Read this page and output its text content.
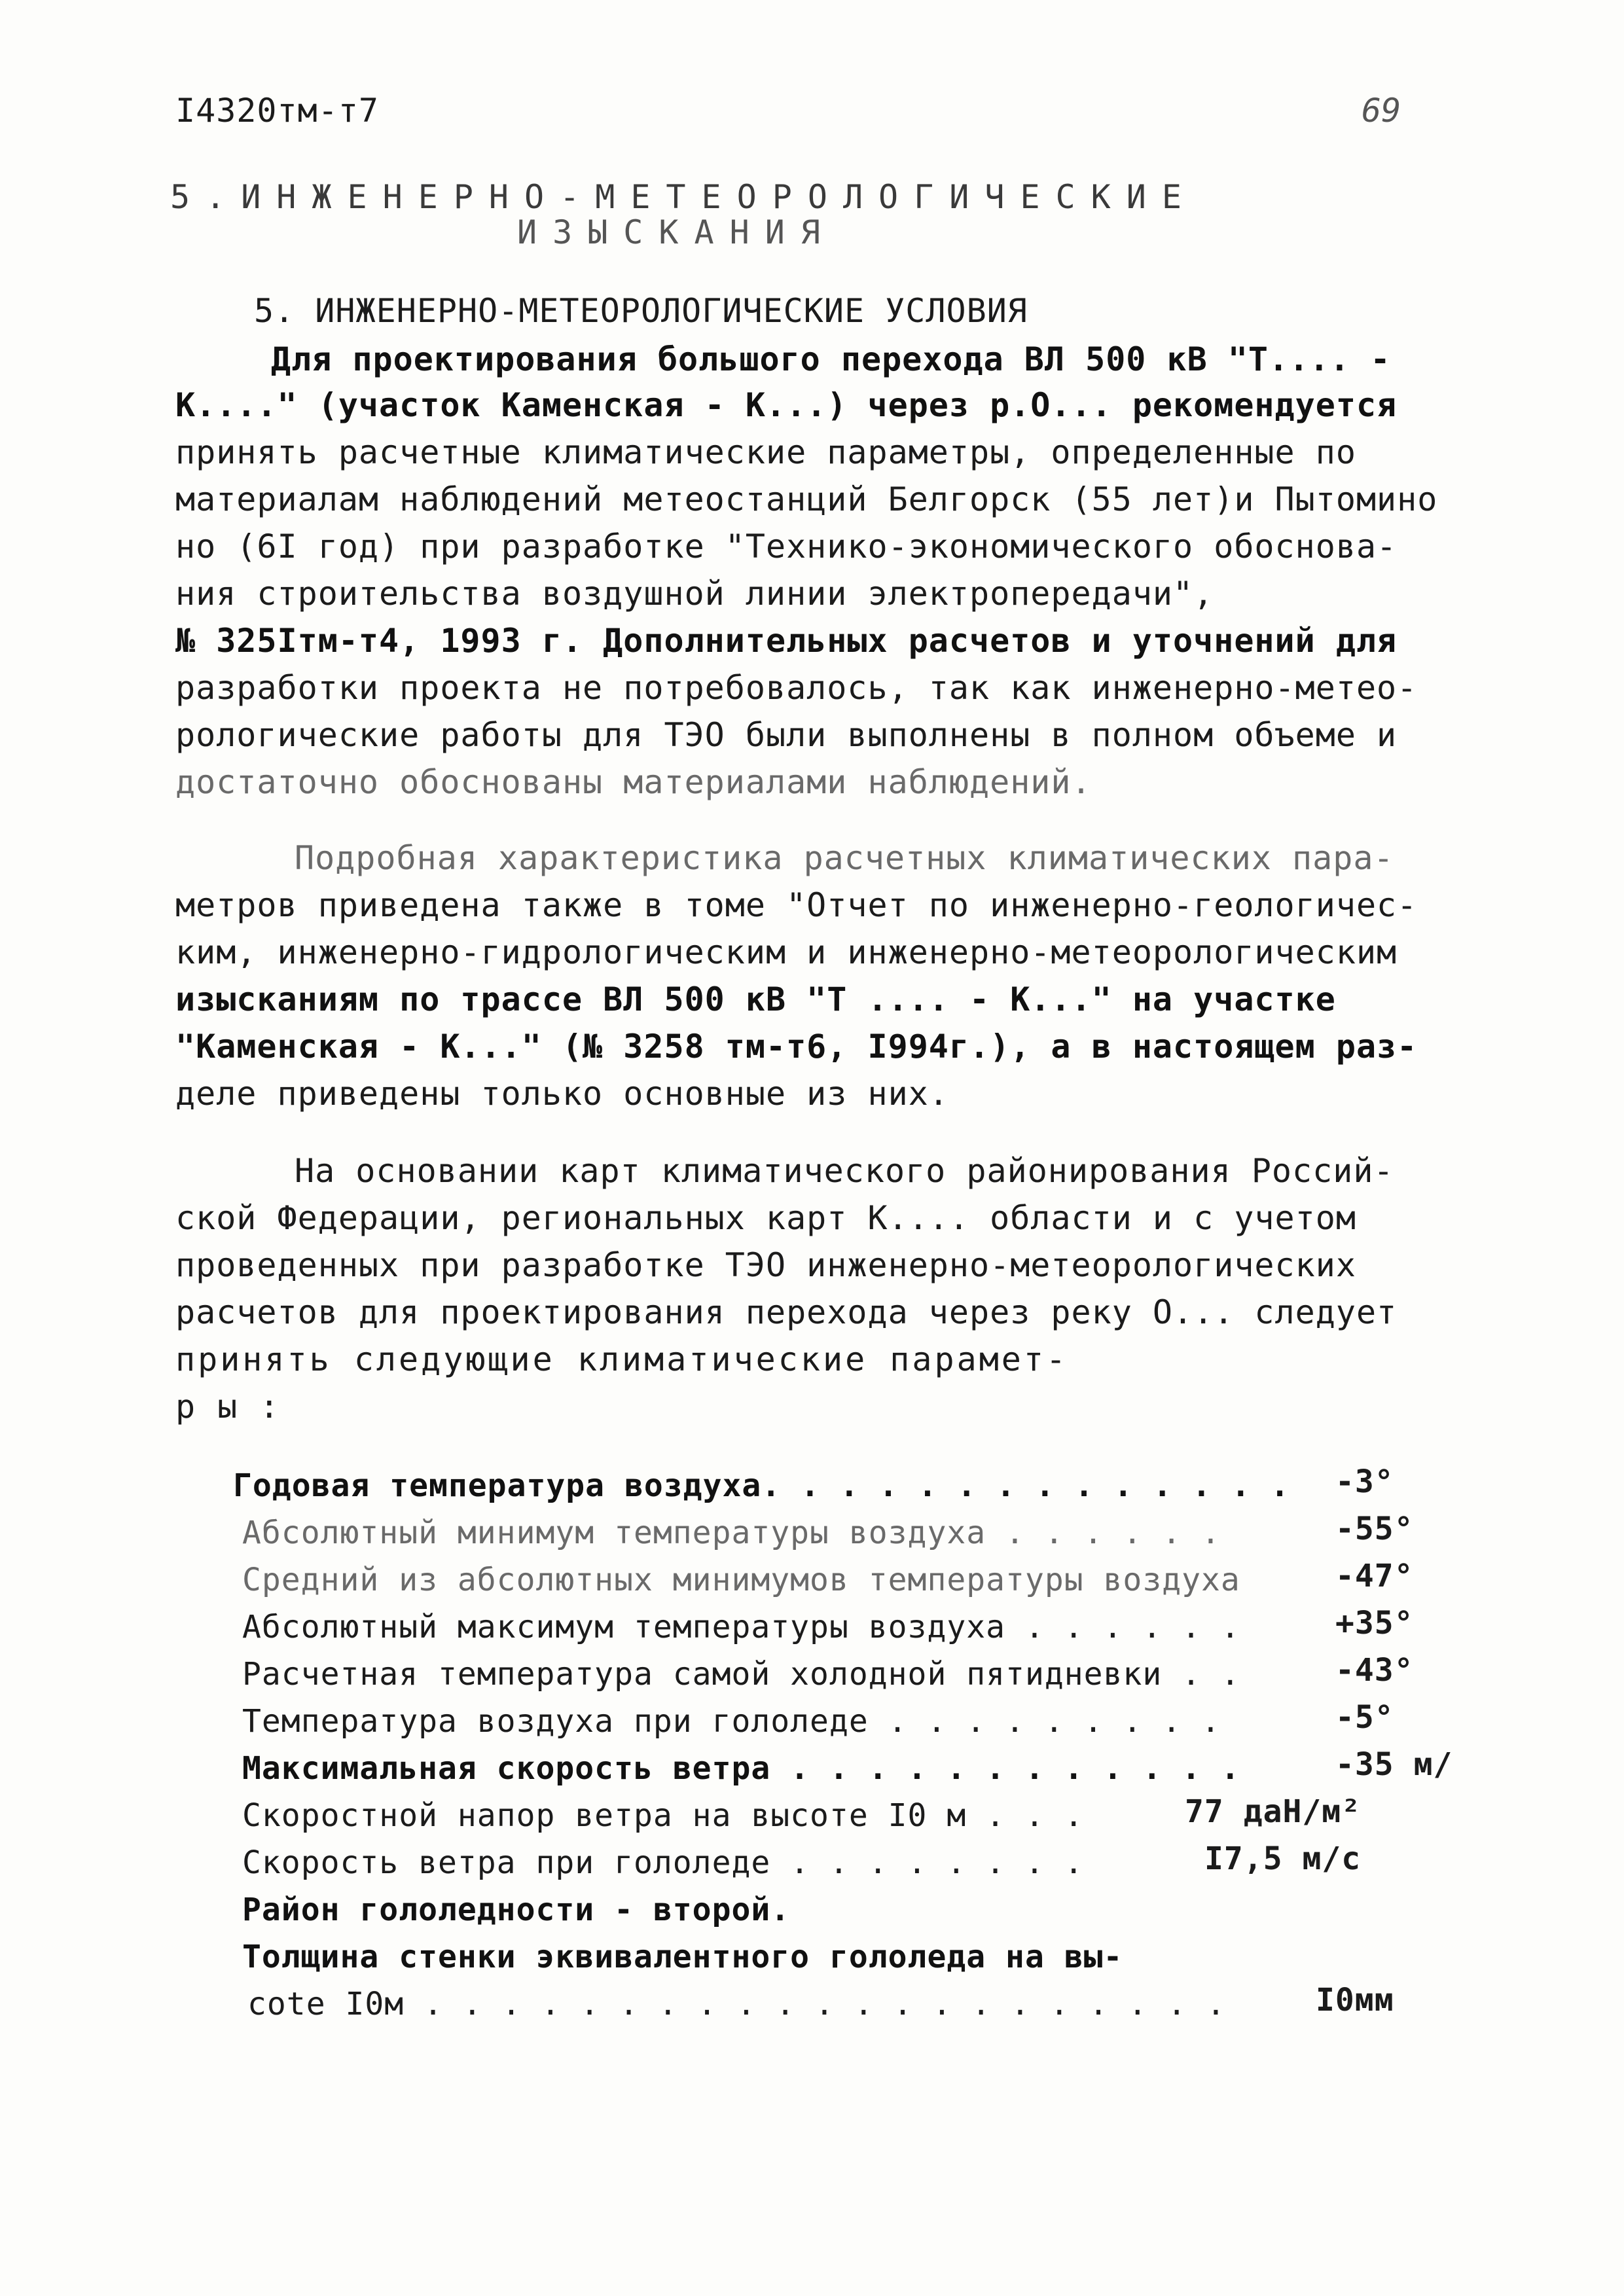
I4320тм-т7	69
5.ИНЖЕНЕРНО-МЕТЕОРОЛОГИЧЕСКИЕ
ИЗЫСКАНИЯ
5. ИНЖЕНЕРНО-МЕТЕОРОЛОГИЧЕСКИЕ УСЛОВИЯ
Для проектирования большого перехода ВЛ 500 кВ "Т.... -
К...." (участок Каменская - К...) через р.О... рекомендуется
принять расчетные климатические параметры, определенные по
материалам наблюдений метеостанций Белгорск (55 лет)и Пытомино
но (6I год) при разработке "Технико-экономического обоснова-
ния строительства воздушной линии электропередачи",
№ 325Iтм-т4, 1993 г. Дополнительных расчетов и уточнений для
разработки проекта не потребовалось, так как инженерно-метео-
рологические работы для ТЭО были выполнены в полном объеме и
достаточно обоснованы материалами наблюдений.
Подробная характеристика расчетных климатических пара-
метров приведена также в томе "Отчет по инженерно-геологичес-
ким, инженерно-гидрологическим и инженерно-метеорологическим
изысканиям по трассе ВЛ 500 кВ "Т .... - К..." на участке
"Каменская - К..." (№ 3258 тм-т6, I994г.), а в настоящем раз-
деле приведены только основные из них.
На основании карт климатического районирования Россий-
ской Федерации, региональных карт К.... области и с учетом
проведенных при разработке ТЭО инженерно-метеорологических
расчетов для проектирования перехода через реку О... следует
принять следующие климатические парамет-
ры:
Годовая температура воздуха. . . . . . . . . . . . . . -3°
Абсолютный минимум температуры воздуха . . . . . .	-55°
Средний из абсолютных минимумов температуры воздуха	-47°
Абсолютный максимум температуры воздуха . . . . . .	+35°
Расчетная температура самой холодной пятидневки . .	-43°
Температура воздуха при гололеде . . . . . . . . .	-5°
Максимальная скорость ветра . . . . . . . . . . . .	-35 м/
Скоростной напор ветра на высоте I0 м . . .	77 даН/м²
Скорость ветра при гололеде . . . . . . . .	I7,5 м/с
Район гололедности - второй.
Толщина стенки эквивалентного гололеда на вы-
сote I0м . . . . . . . . . . . . . . . . . . . . .	I0мм
